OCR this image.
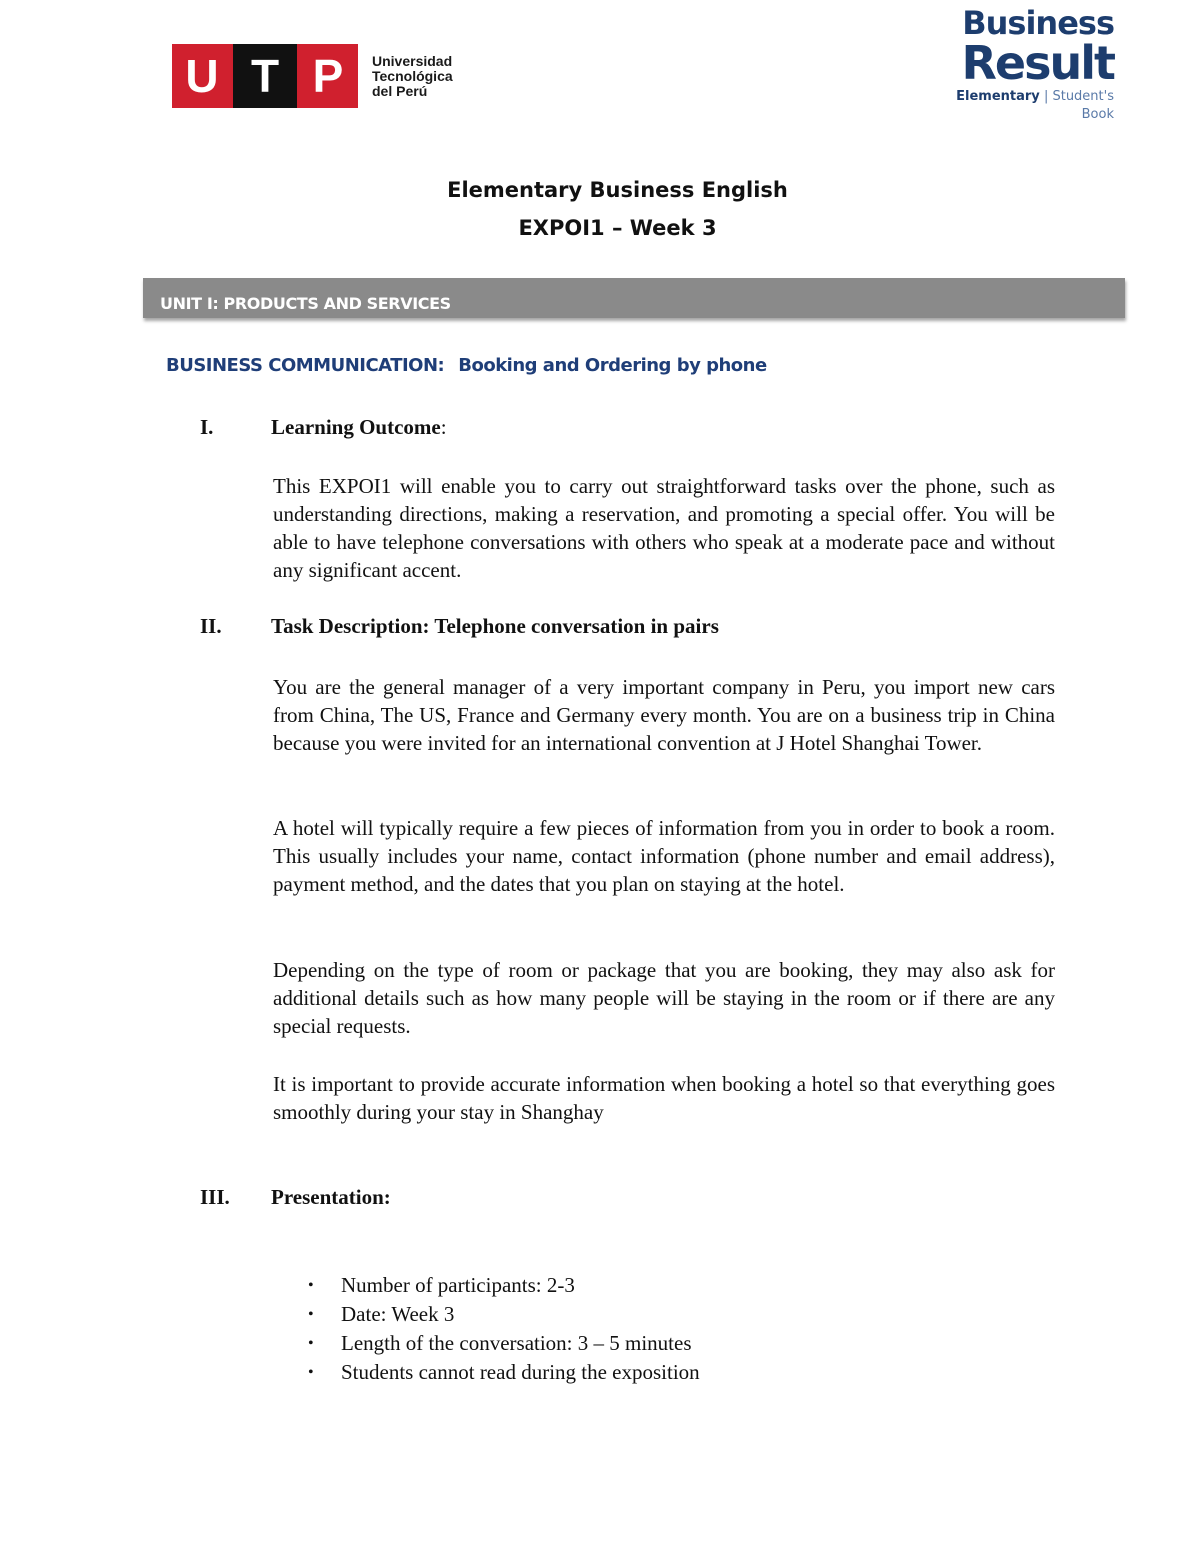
U T P Universidad
Tecnológica
del Perú
Business
Result
Elementary | Student's Book
Elementary Business English
EXPOI1 – Week 3
UNIT I: PRODUCTS AND SERVICES
BUSINESS COMMUNICATION: Booking and Ordering by phone
I.	Learning Outcome:

This EXPOI1 will enable you to carry out straightforward tasks over the phone, such as understanding directions, making a reservation, and promoting a special offer. You will be able to have telephone conversations with others who speak at a moderate pace and without any significant accent.

II. Task Description: Telephone conversation in pairs

You are the general manager of a very important company in Peru, you import new cars from China, The US, France and Germany every month. You are on a business trip in China because you were invited for an international convention at J Hotel Shanghai Tower.

A hotel will typically require a few pieces of information from you in order to book a room. This usually includes your name, contact information (phone number and email address), payment method, and the dates that you plan on staying at the hotel.

Depending on the type of room or package that you are booking, they may also ask for additional details such as how many people will be staying in the room or if there are any special requests.

It is important to provide accurate information when booking a hotel so that everything goes smoothly during your stay in Shanghay

III. Presentation:
• Number of participants: 2-3
• Date: Week 3
• Length of the conversation: 3 – 5 minutes
• Students cannot read during the exposition
